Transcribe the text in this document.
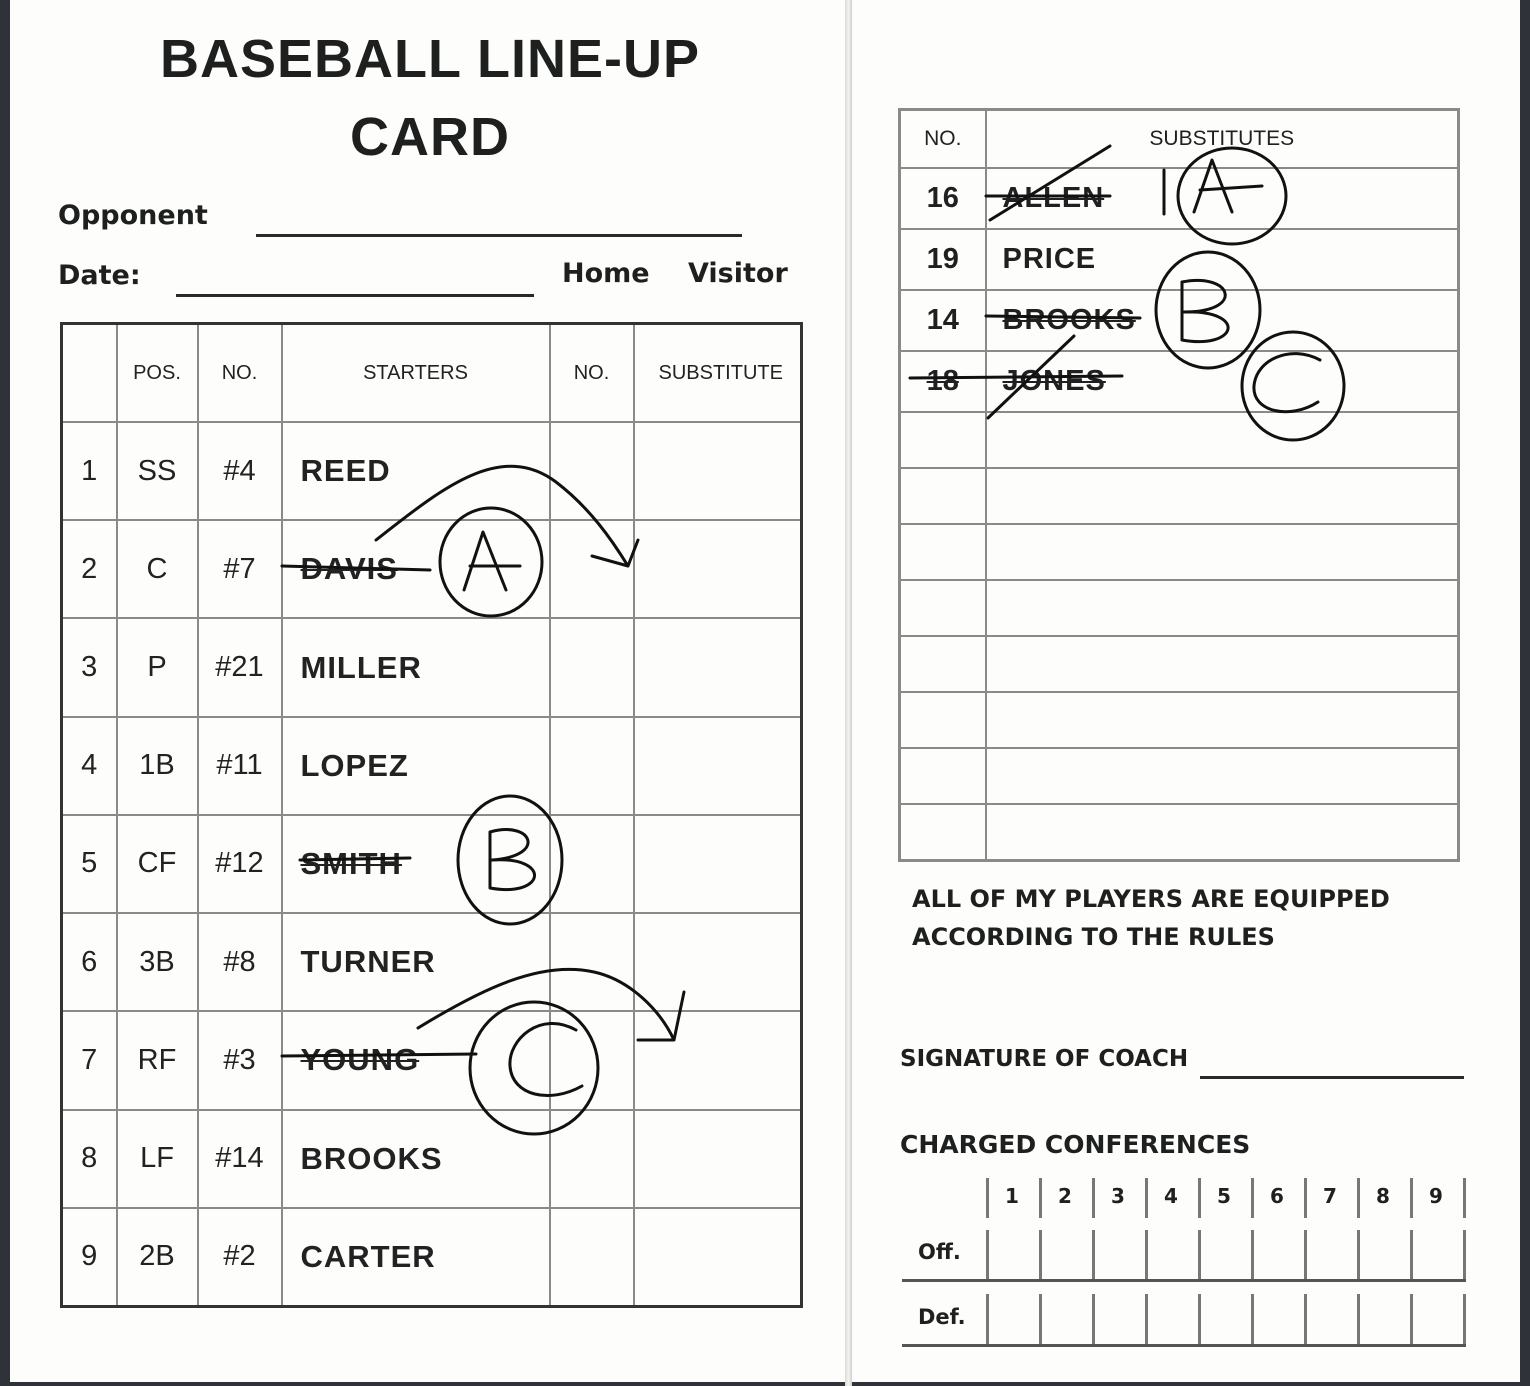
BASEBALL LINE-UP
CARD
Opponent
Date:	Home Visitor
	POS.	NO.	STARTERS	NO.	SUBSTITUTE
1	SS	#4	REED		
2	C	#7	DAVIS		
3	P	#21	MILLER		
4	1B	#11	LOPEZ		
5	CF	#12	SMITH		
6	3B	#8	TURNER		
7	RF	#3	YOUNG		
8	LF	#14	BROOKS		
9	2B	#2	CARTER		
NO.	SUBSTITUTES
16	ALLEN
19	PRICE
14	BROOKS
18	JONES

ALL OF MY PLAYERS ARE EQUIPPED
ACCORDING TO THE RULES
SIGNATURE OF COACH
CHARGED CONFERENCES
1	2	3	4	5	6	7	8	9
Off.
Def.
